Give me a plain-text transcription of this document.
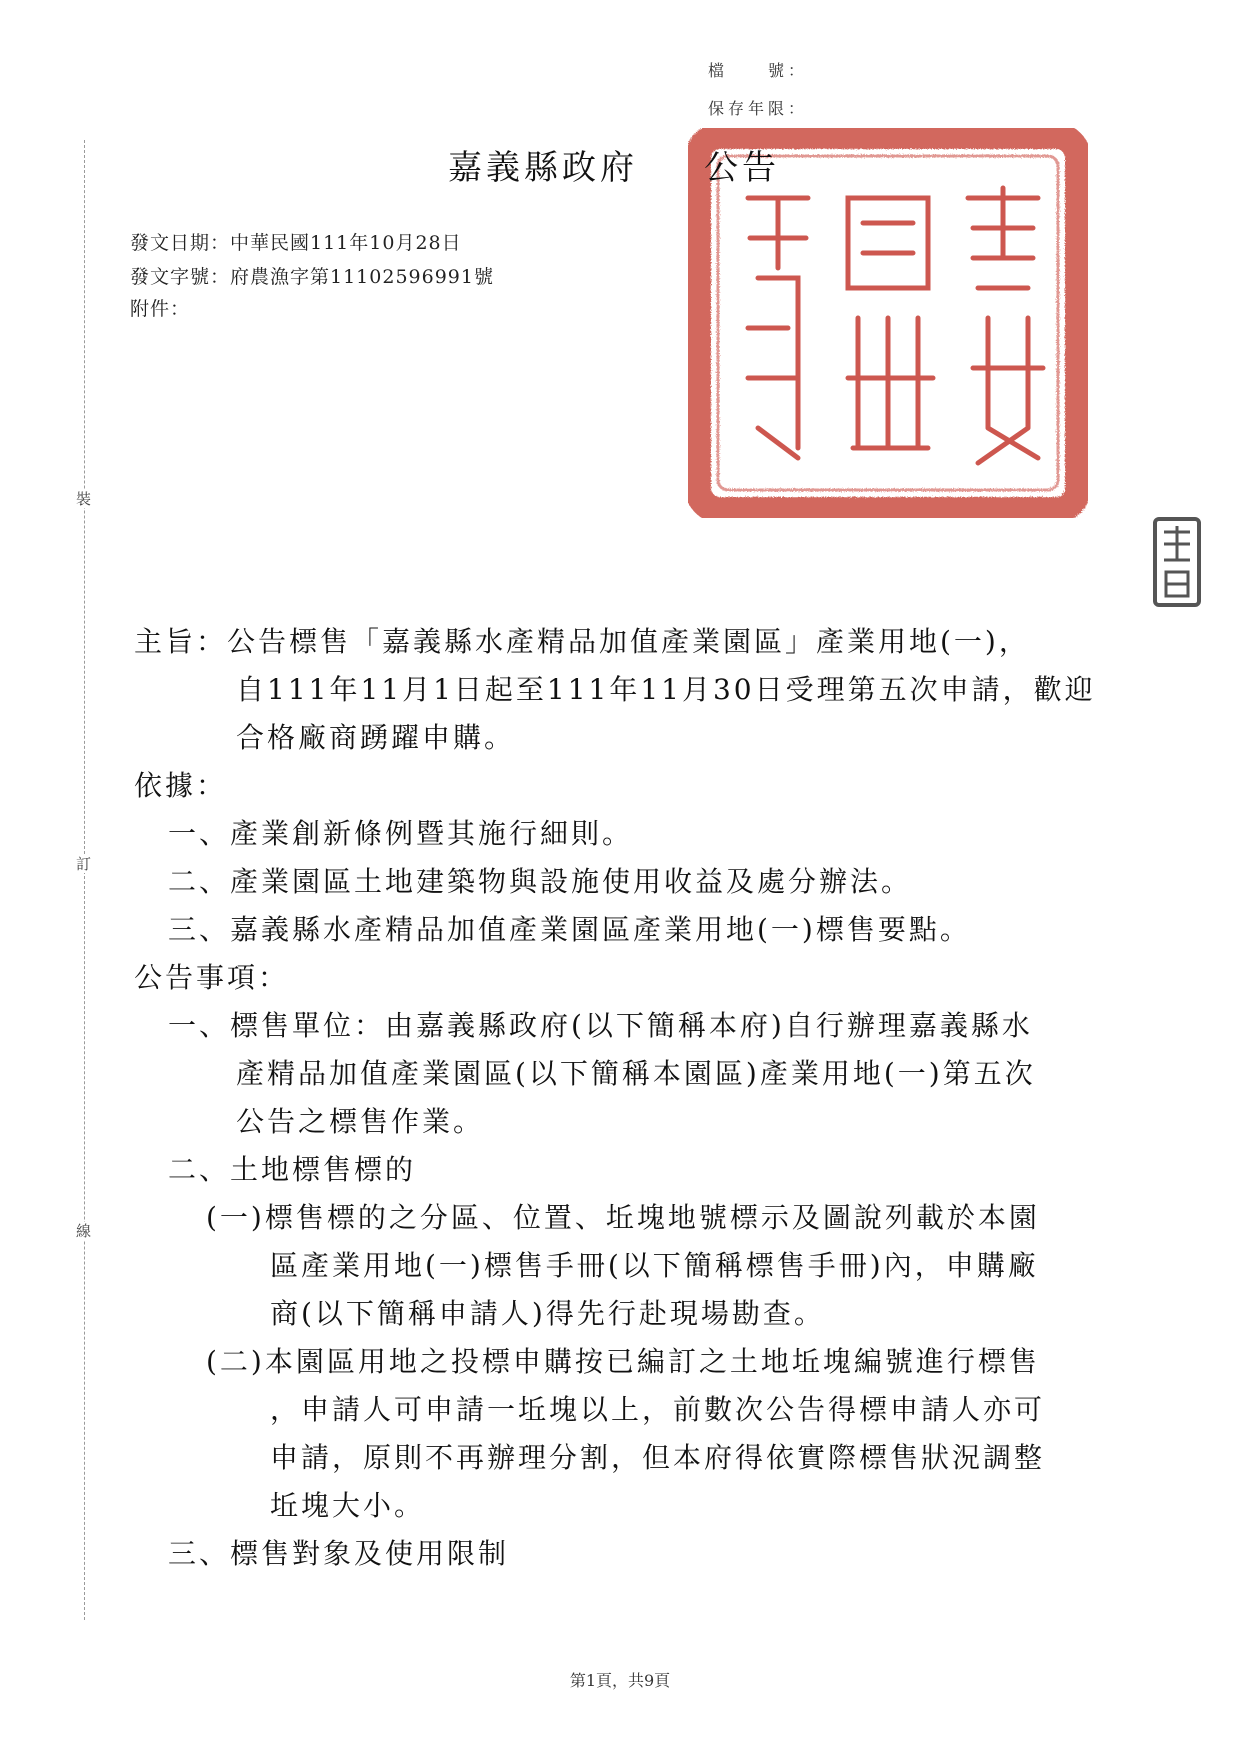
裝
訂
線
檔　　號：
保存年限：
嘉義縣政府 公告
發文日期：中華民國111年10月28日
發文字號：府農漁字第11102596991號
附件：
主旨：公告標售「嘉義縣水產精品加值產業園區」產業用地(一)，
自111年11月1日起至111年11月30日受理第五次申請，歡迎
合格廠商踴躍申購。
依據：
一、產業創新條例暨其施行細則。
二、產業園區土地建築物與設施使用收益及處分辦法。
三、嘉義縣水產精品加值產業園區產業用地(一)標售要點。
公告事項：
一、標售單位：由嘉義縣政府(以下簡稱本府)自行辦理嘉義縣水
產精品加值產業園區(以下簡稱本園區)產業用地(一)第五次
公告之標售作業。
二、土地標售標的
(一)標售標的之分區、位置、坵塊地號標示及圖說列載於本園
區產業用地(一)標售手冊(以下簡稱標售手冊)內，申購廠
商(以下簡稱申請人)得先行赴現場勘查。
(二)本園區用地之投標申購按已編訂之土地坵塊編號進行標售
，申請人可申請一坵塊以上，前數次公告得標申請人亦可
申請，原則不再辦理分割，但本府得依實際標售狀況調整
坵塊大小。
三、標售對象及使用限制
第1頁，共9頁
